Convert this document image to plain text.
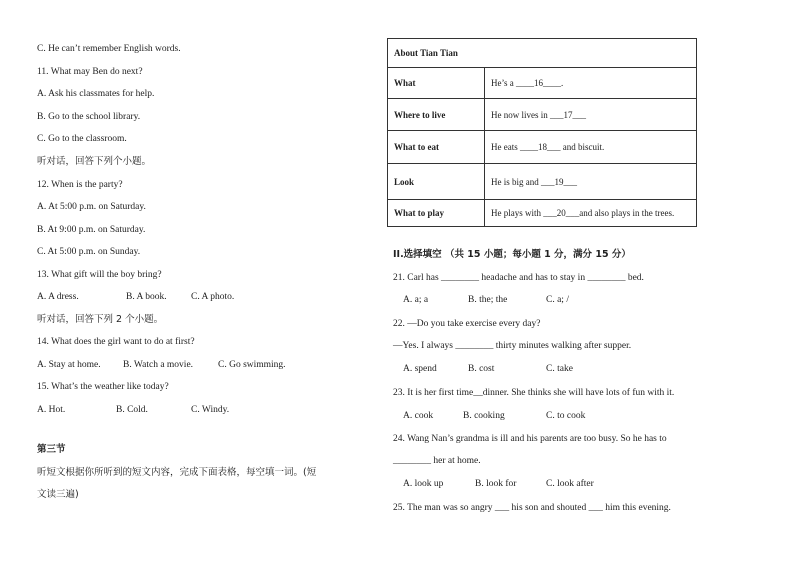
C. He can’t remember English words.
11. What may Ben do next?
A. Ask his classmates for help.
B. Go to the school library.
C. Go to the classroom.
听对话，回答下列个小题。
12. When is the party?
A. At 5:00 p.m. on Saturday.
B. At 9:00 p.m. on Saturday.
C. At 5:00 p.m. on Sunday.
13. What gift will the boy bring?
A. A dress.	B. A book.	C. A photo.
听对话，回答下列 2 个小题。
14. What does the girl want to do at first?
A. Stay at home. B. Watch a movie.	C. Go swimming.
15. What’s the weather like today?
A. Hot.	B. Cold.	C. Windy.
第三节
听短文根据你所听到的短文内容，完成下面表格，每空填一词。(短
文读三遍)
About Tian Tian	
What	He’s a ____16____.
Where to live	He now lives in ___17___
What to eat	He eats ____18___ and biscuit.
Look	He is big and ___19___
What to play	He plays with ___20___and also plays in the trees.
II.选择填空 （共 15 小题；每小题 1 分，满分 15 分）
21. Carl has ________ headache and has to stay in ________ bed.
A. a; a	B. the; the	C. a; /
22. —Do you take exercise every day?
—Yes. I always ________ thirty minutes walking after supper.
A. spend	B. cost	C. take
23. It is her first time__dinner. She thinks she will have lots of fun with it.
A. cook	B. cooking	C. to cook
24. Wang Nan’s grandma is ill and his parents are too busy. So he has to
________ her at home.
A. look up	B. look for	C. look after
25. The man was so angry ___ his son and shouted ___ him this evening.
